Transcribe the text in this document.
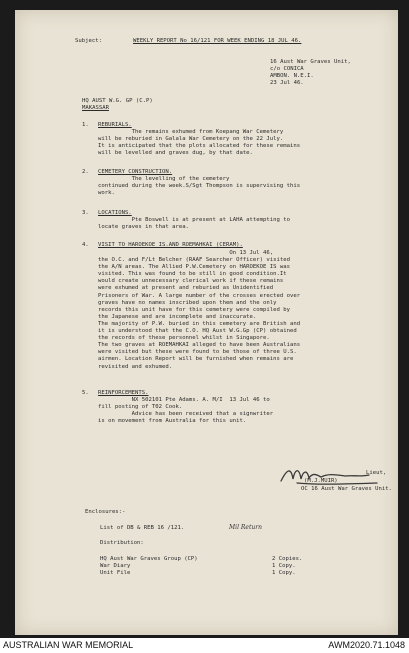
Subject:	WEEKLY REPORT No 16/121 FOR WEEK ENDING 18 JUL 46.
16 Aust War Graves Unit,
c/o CONICA
AMBON. N.E.I.
23 Jul 46.
HQ AUST W.G. GP (C.P)
MAKASSAR
1. REBURIALS.
The remains exhumed from Koepang War Cemetery
will be reburied in Galala War Cemetery on the 22 July.
It is anticipated that the plots allocated for these remains
will be levelled and graves dug, by that date.
2. CEMETERY CONSTRUCTION.
The levelling of the cemetery
continued during the week.S/Sgt Thompson is supervising this
work.
3. LOCATIONS.
Pte Boswell is at present at LAHA attempting to
locate graves in that area.
4. VISIT TO HAROEKOE IS.AND ROEMAHKAI (CERAM).
On 13 Jul 46,
the O.C. and F/Lt Belcher (RAAF Searcher Officer) visited
the A/N areas. The Allied P.W.Cemetery on HAROEKOE IS was
visited. This was found to be still in good condition.It
would create unnecessary clerical work if these remains
were exhumed at present and reburied as Unidentified
Prisoners of War. A large number of the crosses erected over
graves have no names inscribed upon them and the only
records this unit have for this cemetery were compiled by
the Japanese and are incomplete and inaccurate.
The majority of P.W. buried in this cemetery are British and
it is understood that the C.O. HQ Aust W.G.Gp (CP) obtained
the records of these personnel whilst in Singapore.
The two graves at ROEMAHKAI alleged to have been Australians
were visited but these were found to be those of three U.S.
airmen. Location Report will be furnished when remains are
revisited and exhumed.
5. REINFORCEMENTS.
NX 502101 Pte Adams. A. M/I  13 Jul 46 to
fill posting of T02 Cook.
Advice has been received that a signwriter
is on movement from Australia for this unit.
Lieut,
(M.J.MUIR)
OC 16 Aust War Graves Unit.
Enclosures:-
List of DB & REB 16 /121.	Mil Return
Distribution:
HQ Aust War Graves Group (CP)	2 Copies.
War Diary	1 Copy.
Unit File	1 Copy.
AUSTRALIAN WAR MEMORIAL	AWM2020.71.1048
